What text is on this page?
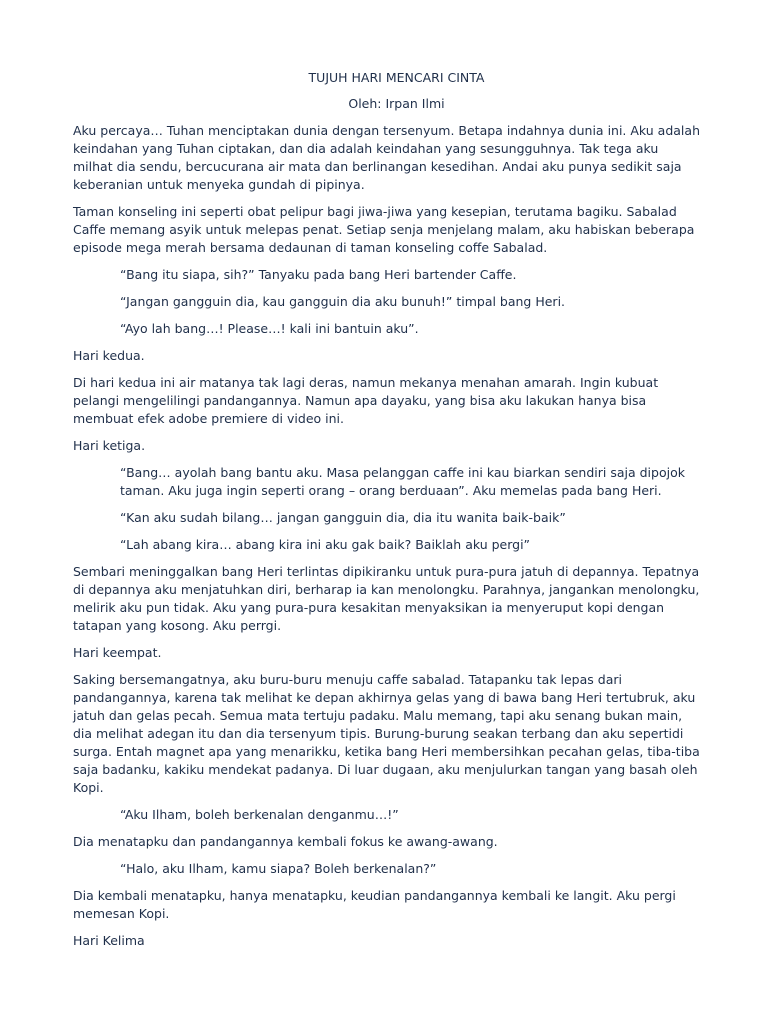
TUJUH HARI MENCARI CINTA

Oleh: Irpan Ilmi

Aku percaya… Tuhan menciptakan dunia dengan tersenyum. Betapa indahnya dunia ini. Aku adalah keindahan yang Tuhan ciptakan, dan dia adalah keindahan yang sesungguhnya. Tak tega aku milhat dia sendu, bercucurana air mata dan berlinangan kesedihan. Andai aku punya sedikit saja keberanian untuk menyeka gundah di pipinya.

Taman konseling ini seperti obat pelipur bagi jiwa-jiwa yang kesepian, terutama bagiku. Sabalad Caffe memang asyik untuk melepas penat. Setiap senja menjelang malam, aku habiskan beberapa episode mega merah bersama dedaunan di taman konseling coffe Sabalad.

“Bang itu siapa, sih?” Tanyaku pada bang Heri bartender Caffe.

“Jangan gangguin dia, kau gangguin dia aku bunuh!” timpal bang Heri.

“Ayo lah bang…! Please…! kali ini bantuin aku”.

Hari kedua.

Di hari kedua ini air matanya tak lagi deras, namun mekanya menahan amarah. Ingin kubuat pelangi mengelilingi pandangannya. Namun apa dayaku, yang bisa aku lakukan hanya bisa membuat efek adobe premiere di video ini.

Hari ketiga.

“Bang… ayolah bang bantu aku. Masa pelanggan caffe ini kau biarkan sendiri saja dipojok taman. Aku juga ingin seperti orang – orang berduaan”. Aku memelas pada bang Heri.

“Kan aku sudah bilang… jangan gangguin dia, dia itu wanita baik-baik”

“Lah abang kira… abang kira ini aku gak baik? Baiklah aku pergi”

Sembari meninggalkan bang Heri terlintas dipikiranku untuk pura-pura jatuh di depannya. Tepatnya di depannya aku menjatuhkan diri, berharap ia kan menolongku. Parahnya, jangankan menolongku, melirik aku pun tidak. Aku yang pura-pura kesakitan menyaksikan ia menyeruput kopi dengan tatapan yang kosong. Aku perrgi.

Hari keempat.

Saking bersemangatnya, aku buru-buru menuju caffe sabalad. Tatapanku tak lepas dari pandangannya, karena tak melihat ke depan akhirnya gelas yang di bawa bang Heri tertubruk, aku jatuh dan gelas pecah. Semua mata tertuju padaku. Malu memang, tapi aku senang bukan main, dia melihat adegan itu dan dia tersenyum tipis. Burung-burung seakan terbang dan aku sepertidi surga. Entah magnet apa yang menarikku, ketika bang Heri membersihkan pecahan gelas, tiba-tiba saja badanku, kakiku mendekat padanya. Di luar dugaan, aku menjulurkan tangan yang basah oleh Kopi.

“Aku Ilham, boleh berkenalan denganmu…!”

Dia menatapku dan pandangannya kembali fokus ke awang-awang.

“Halo, aku Ilham, kamu siapa? Boleh berkenalan?”

Dia kembali menatapku, hanya menatapku, keudian pandangannya kembali ke langit. Aku pergi memesan Kopi.

Hari Kelima
